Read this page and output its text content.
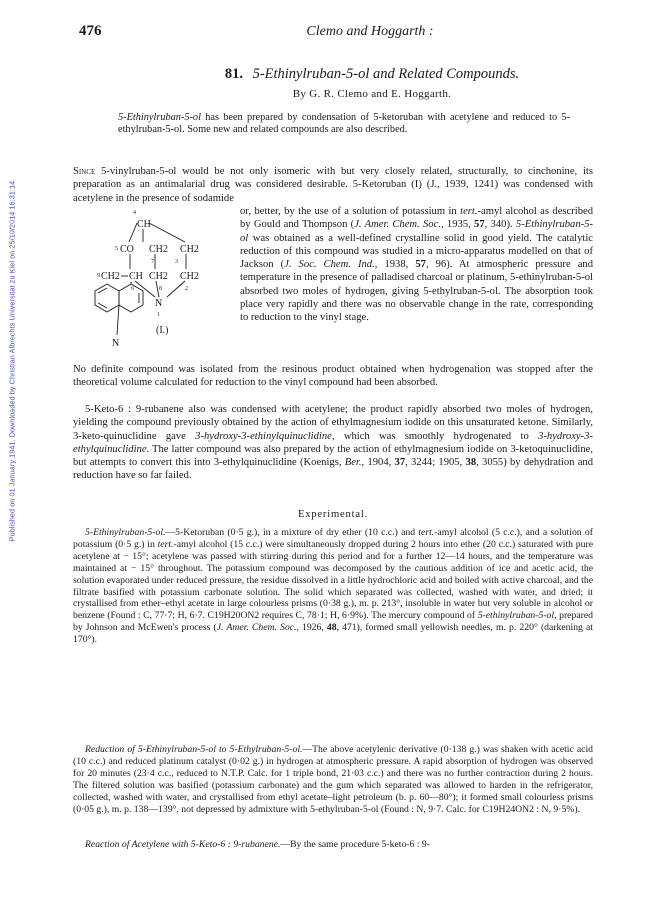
Published on 01 January 1941. Downloaded by Christian Albrechts Universitat zu Kiel on 25/10/2014 16:31:14.
476	Clemo and Hoggarth :
81. 5-Ethinylruban-5-ol and Related Compounds.
By G. R. Clemo and E. Hoggarth.
5-Ethinylruban-5-ol has been prepared by condensation of 5-ketoruban with acetylene and reduced to 5-ethylruban-5-ol. Some new and related compounds are also described.
Since 5-vinylruban-5-ol would be not only isomeric with but very closely related, structurally, to cinchonine, its preparation as an antimalarial drug was considered desirable. 5-Ketoruban (I) (J., 1939, 1241) was condensed with acetylene in the presence of sodamide
4
CH
5 CO CH2 CH2
3
7
9 CH2 CH CH2 CH2
6	8	2
N
1
N
(I.)
or, better, by the use of a solution of potassium in tert.-amyl alcohol as described by Gould and Thompson (J. Amer. Chem. Soc., 1935, 57, 340). 5-Ethinylruban-5-ol was obtained as a well-defined crystalline solid in good yield. The catalytic reduction of this compound was studied in a micro-apparatus modelled on that of Jackson (J. Soc. Chem. Ind., 1938, 57, 96). At atmospheric pressure and temperature in the presence of palladised charcoal or platinum, 5-ethinylruban-5-ol absorbed two moles of hydrogen, giving 5-ethylruban-5-ol. The absorption took place very rapidly and there was no observable change in the rate, corresponding to reduction to the vinyl stage.
No definite compound was isolated from the resinous product obtained when hydrogenation was stopped after the theoretical volume calculated for reduction to the vinyl compound had been absorbed.
5-Keto-6 : 9-rubanene also was condensed with acetylene; the product rapidly absorbed two moles of hydrogen, yielding the compound previously obtained by the action of ethylmagnesium iodide on this unsaturated ketone. Similarly, 3-keto-quinuclidine gave 3-hydroxy-3-ethinylquinuclidine, which was smoothly hydrogenated to 3-hydroxy-3-ethylquinuclidine. The latter compound was also prepared by the action of ethylmagnesium iodide on 3-ketoquinuclidine, but attempts to convert this into 3-ethylquinuclidine (Koenigs, Ber., 1904, 37, 3244; 1905, 38, 3055) by dehydration and reduction have so far failed.
Experimental.
5-Ethinylruban-5-ol.—5-Ketoruban (0·5 g.), in a mixture of dry ether (10 c.c.) and tert.-amyl alcohol (5 c.c.), and a solution of potassium (0·5 g.) in tert.-amyl alcohol (15 c.c.) were simultaneously dropped during 2 hours into ether (20 c.c.) saturated with pure acetylene at − 15°; acetylene was passed with stirring during this period and for a further 12—14 hours, and the temperature was maintained at − 15° throughout. The potassium compound was decomposed by the cautious addition of ice and acetic acid, the solution evaporated under reduced pressure, the residue dissolved in a little hydrochloric acid and boiled with active charcoal, and the filtrate basified with potassium carbonate solution. The solid which separated was collected, washed with water, and dried; it crystallised from ether–ethyl acetate in large colourless prisms (0·38 g.), m. p. 213°, insoluble in water but very soluble in alcohol or benzene (Found : C, 77·7; H, 6·7. C19H20ON2 requires C, 78·1; H, 6·9%). The mercury compound of 5-ethinylruban-5-ol, prepared by Johnson and McEwen's process (J. Amer. Chem. Soc., 1926, 48, 471), formed small yellowish needles, m. p. 220° (darkening at 170°).
Reduction of 5-Ethinylruban-5-ol to 5-Ethylruban-5-ol.—The above acetylenic derivative (0·138 g.) was shaken with acetic acid (10 c.c.) and reduced platinum catalyst (0·02 g.) in hydrogen at atmospheric pressure. A rapid absorption of hydrogen was observed for 20 minutes (23·4 c.c., reduced to N.T.P. Calc. for 1 triple bond, 21·03 c.c.) and there was no further contraction during 2 hours. The filtered solution was basified (potassium carbonate) and the gum which separated was allowed to harden in the refrigerator, collected, washed with water, and crystallised from ethyl acetate–light petroleum (b. p. 60—80°); it formed small colourless prisms (0·05 g.), m. p. 138—139°, not depressed by admixture with 5-ethylruban-5-ol (Found : N, 9·7. Calc. for C19H24ON2 : N, 9·5%).
Reaction of Acetylene with 5-Keto-6 : 9-rubanene.—By the same procedure 5-keto-6 : 9-
